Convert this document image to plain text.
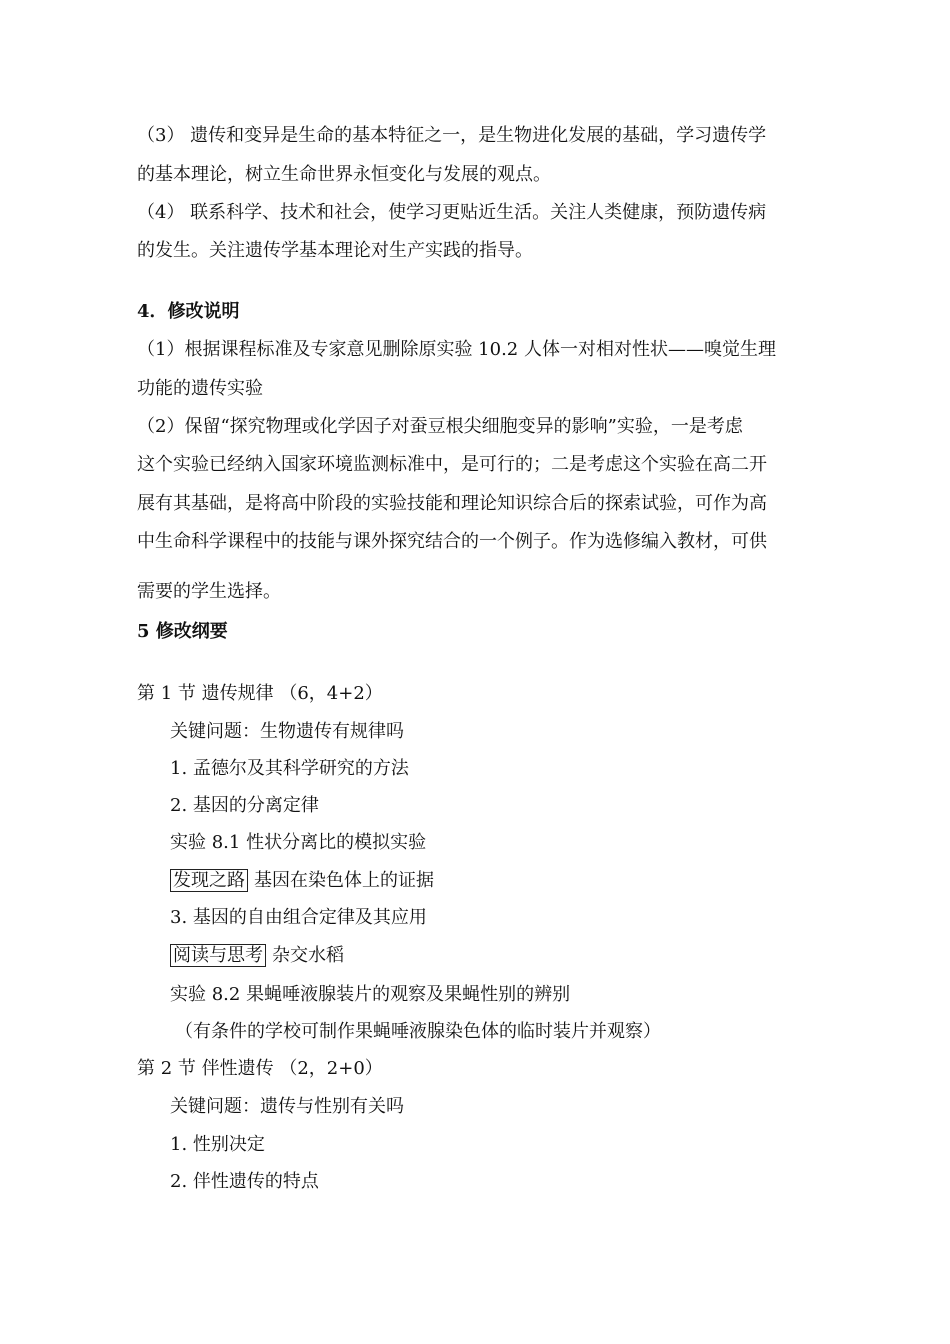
（3） 遗传和变异是生命的基本特征之一，是生物进化发展的基础，学习遗传学
的基本理论，树立生命世界永恒变化与发展的观点。
（4） 联系科学、技术和社会，使学习更贴近生活。关注人类健康，预防遗传病
的发生。关注遗传学基本理论对生产实践的指导。
4．修改说明
（1）根据课程标准及专家意见删除原实验 10.2 人体一对相对性状——嗅觉生理
功能的遗传实验
（2）保留“探究物理或化学因子对蚕豆根尖细胞变异的影响”实验，一是考虑
这个实验已经纳入国家环境监测标准中，是可行的；二是考虑这个实验在高二开
展有其基础，是将高中阶段的实验技能和理论知识综合后的探索试验，可作为高
中生命科学课程中的技能与课外探究结合的一个例子。作为选修编入教材，可供
需要的学生选择。
5 修改纲要
第 1 节 遗传规律 （6，4+2）
关键问题：生物遗传有规律吗
1. 孟德尔及其科学研究的方法
2. 基因的分离定律
实验 8.1 性状分离比的模拟实验
发现之路 基因在染色体上的证据
3. 基因的自由组合定律及其应用
阅读与思考 杂交水稻
实验 8.2 果蝇唾液腺装片的观察及果蝇性别的辨别
（有条件的学校可制作果蝇唾液腺染色体的临时装片并观察）
第 2 节 伴性遗传 （2，2+0）
关键问题：遗传与性别有关吗
1. 性别决定
2. 伴性遗传的特点
